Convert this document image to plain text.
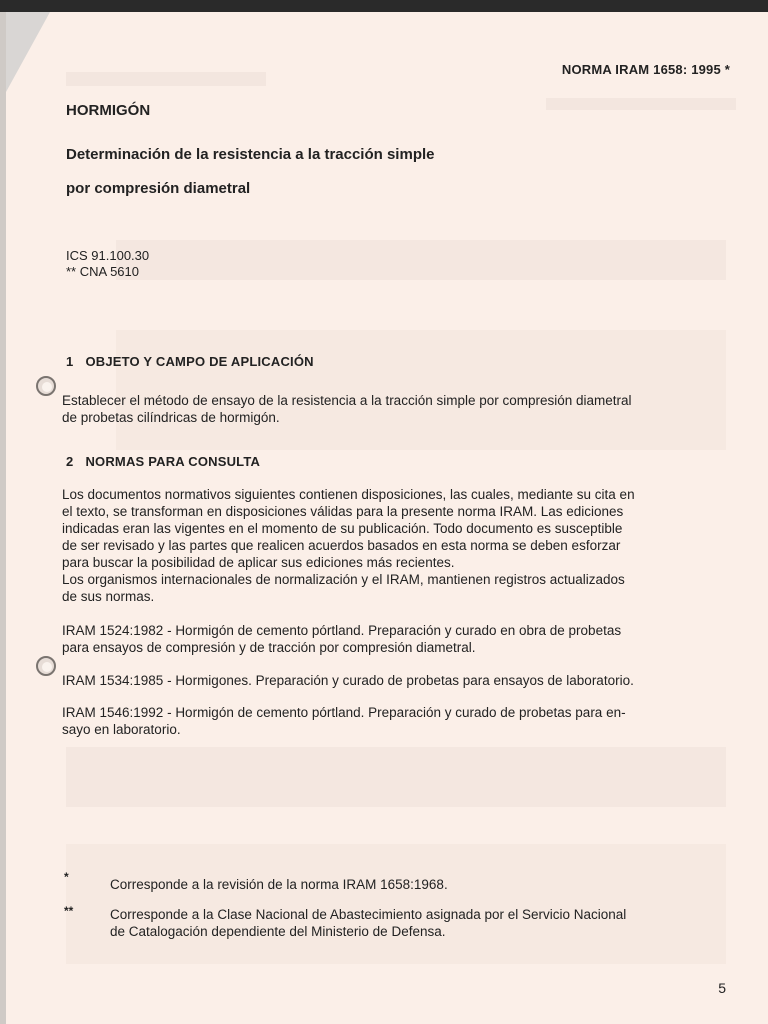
NORMA IRAM 1658: 1995 *
HORMIGÓN
Determinación de la resistencia a la tracción simple
por compresión diametral
ICS 91.100.30
** CNA 5610
1 OBJETO Y CAMPO DE APLICACIÓN
Establecer el método de ensayo de la resistencia a la tracción simple por compresión diametral
de probetas cilíndricas de hormigón.
2 NORMAS PARA CONSULTA
Los documentos normativos siguientes contienen disposiciones, las cuales, mediante su cita en
el texto, se transforman en disposiciones válidas para la presente norma IRAM. Las ediciones
indicadas eran las vigentes en el momento de su publicación. Todo documento es susceptible
de ser revisado y las partes que realicen acuerdos basados en esta norma se deben esforzar
para buscar la posibilidad de aplicar sus ediciones más recientes.
Los organismos internacionales de normalización y el IRAM, mantienen registros actualizados
de sus normas.
IRAM 1524:1982 - Hormigón de cemento pórtland. Preparación y curado en obra de probetas
para ensayos de compresión y de tracción por compresión diametral.
IRAM 1534:1985 - Hormigones. Preparación y curado de probetas para ensayos de laboratorio.
IRAM 1546:1992 - Hormigón de cemento pórtland. Preparación y curado de probetas para en-
sayo en laboratorio.
*	Corresponde a la revisión de la norma IRAM 1658:1968.
**	Corresponde a la Clase Nacional de Abastecimiento asignada por el Servicio Nacional
de Catalogación dependiente del Ministerio de Defensa.
5
